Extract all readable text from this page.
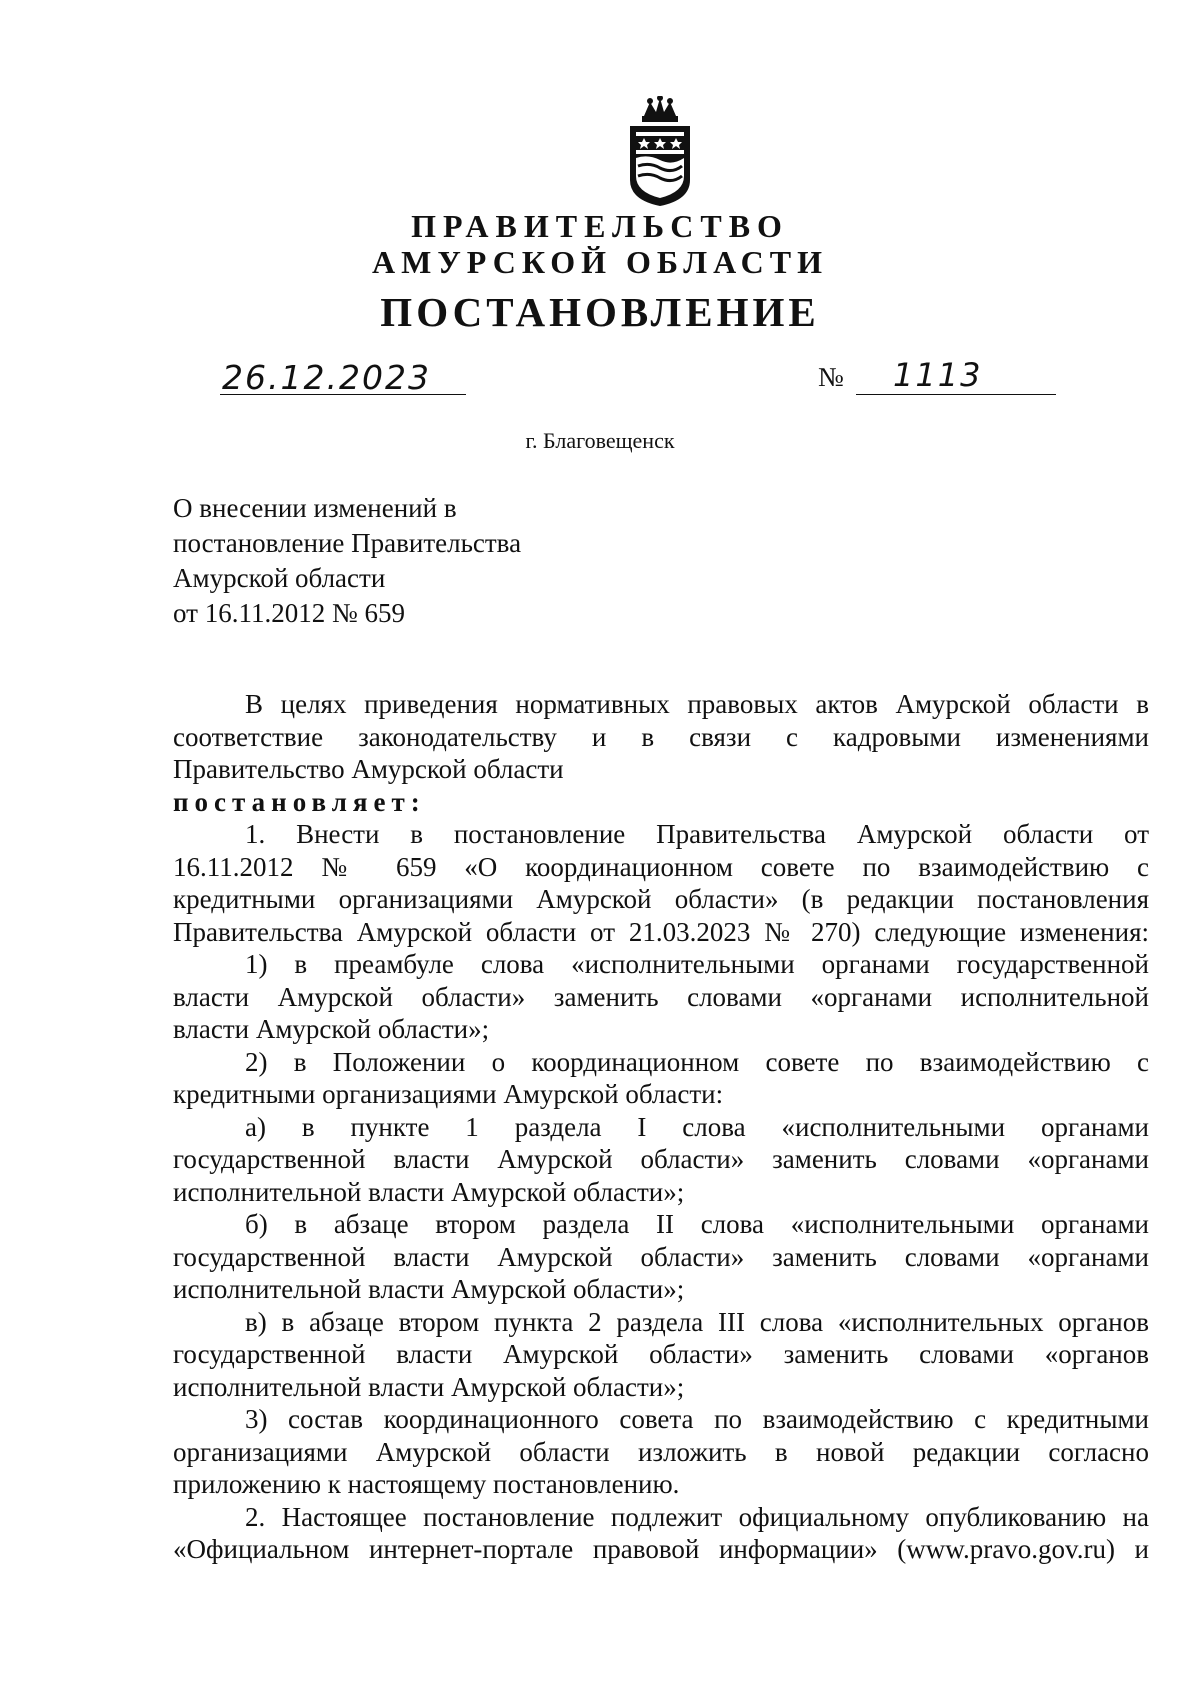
ПРАВИТЕЛЬСТВО
АМУРСКОЙ ОБЛАСТИ
ПОСТАНОВЛЕНИЕ
26.12.2023	№ 1113
г. Благовещенск
О внесении изменений в
постановление Правительства
Амурской области
от 16.11.2012 № 659

В целях приведения нормативных правовых актов Амурской области в

соответствие законодательству и в связи с кадровыми изменениями

Правительство Амурской области

постановляет:

1. Внести в постановление Правительства Амурской области от

16.11.2012 № 659 «О координационном совете по взаимодействию с

кредитными организациями Амурской области» (в редакции постановления

Правительства Амурской области от 21.03.2023 № 270) следующие изменения:

1) в преамбуле слова «исполнительными органами государственной

власти Амурской области» заменить словами «органами исполнительной

власти Амурской области»;

2) в Положении о координационном совете по взаимодействию с

кредитными организациями Амурской области:

а) в пункте 1 раздела I слова «исполнительными органами

государственной власти Амурской области» заменить словами «органами

исполнительной власти Амурской области»;

б) в абзаце втором раздела II слова «исполнительными органами

государственной власти Амурской области» заменить словами «органами

исполнительной власти Амурской области»;

в) в абзаце втором пункта 2 раздела III слова «исполнительных органов

государственной власти Амурской области» заменить словами «органов

исполнительной власти Амурской области»;

3) состав координационного совета по взаимодействию с кредитными

организациями Амурской области изложить в новой редакции согласно

приложению к настоящему постановлению.

2. Настоящее постановление подлежит официальному опубликованию на

«Официальном интернет-портале правовой информации» (www.pravo.gov.ru) и
